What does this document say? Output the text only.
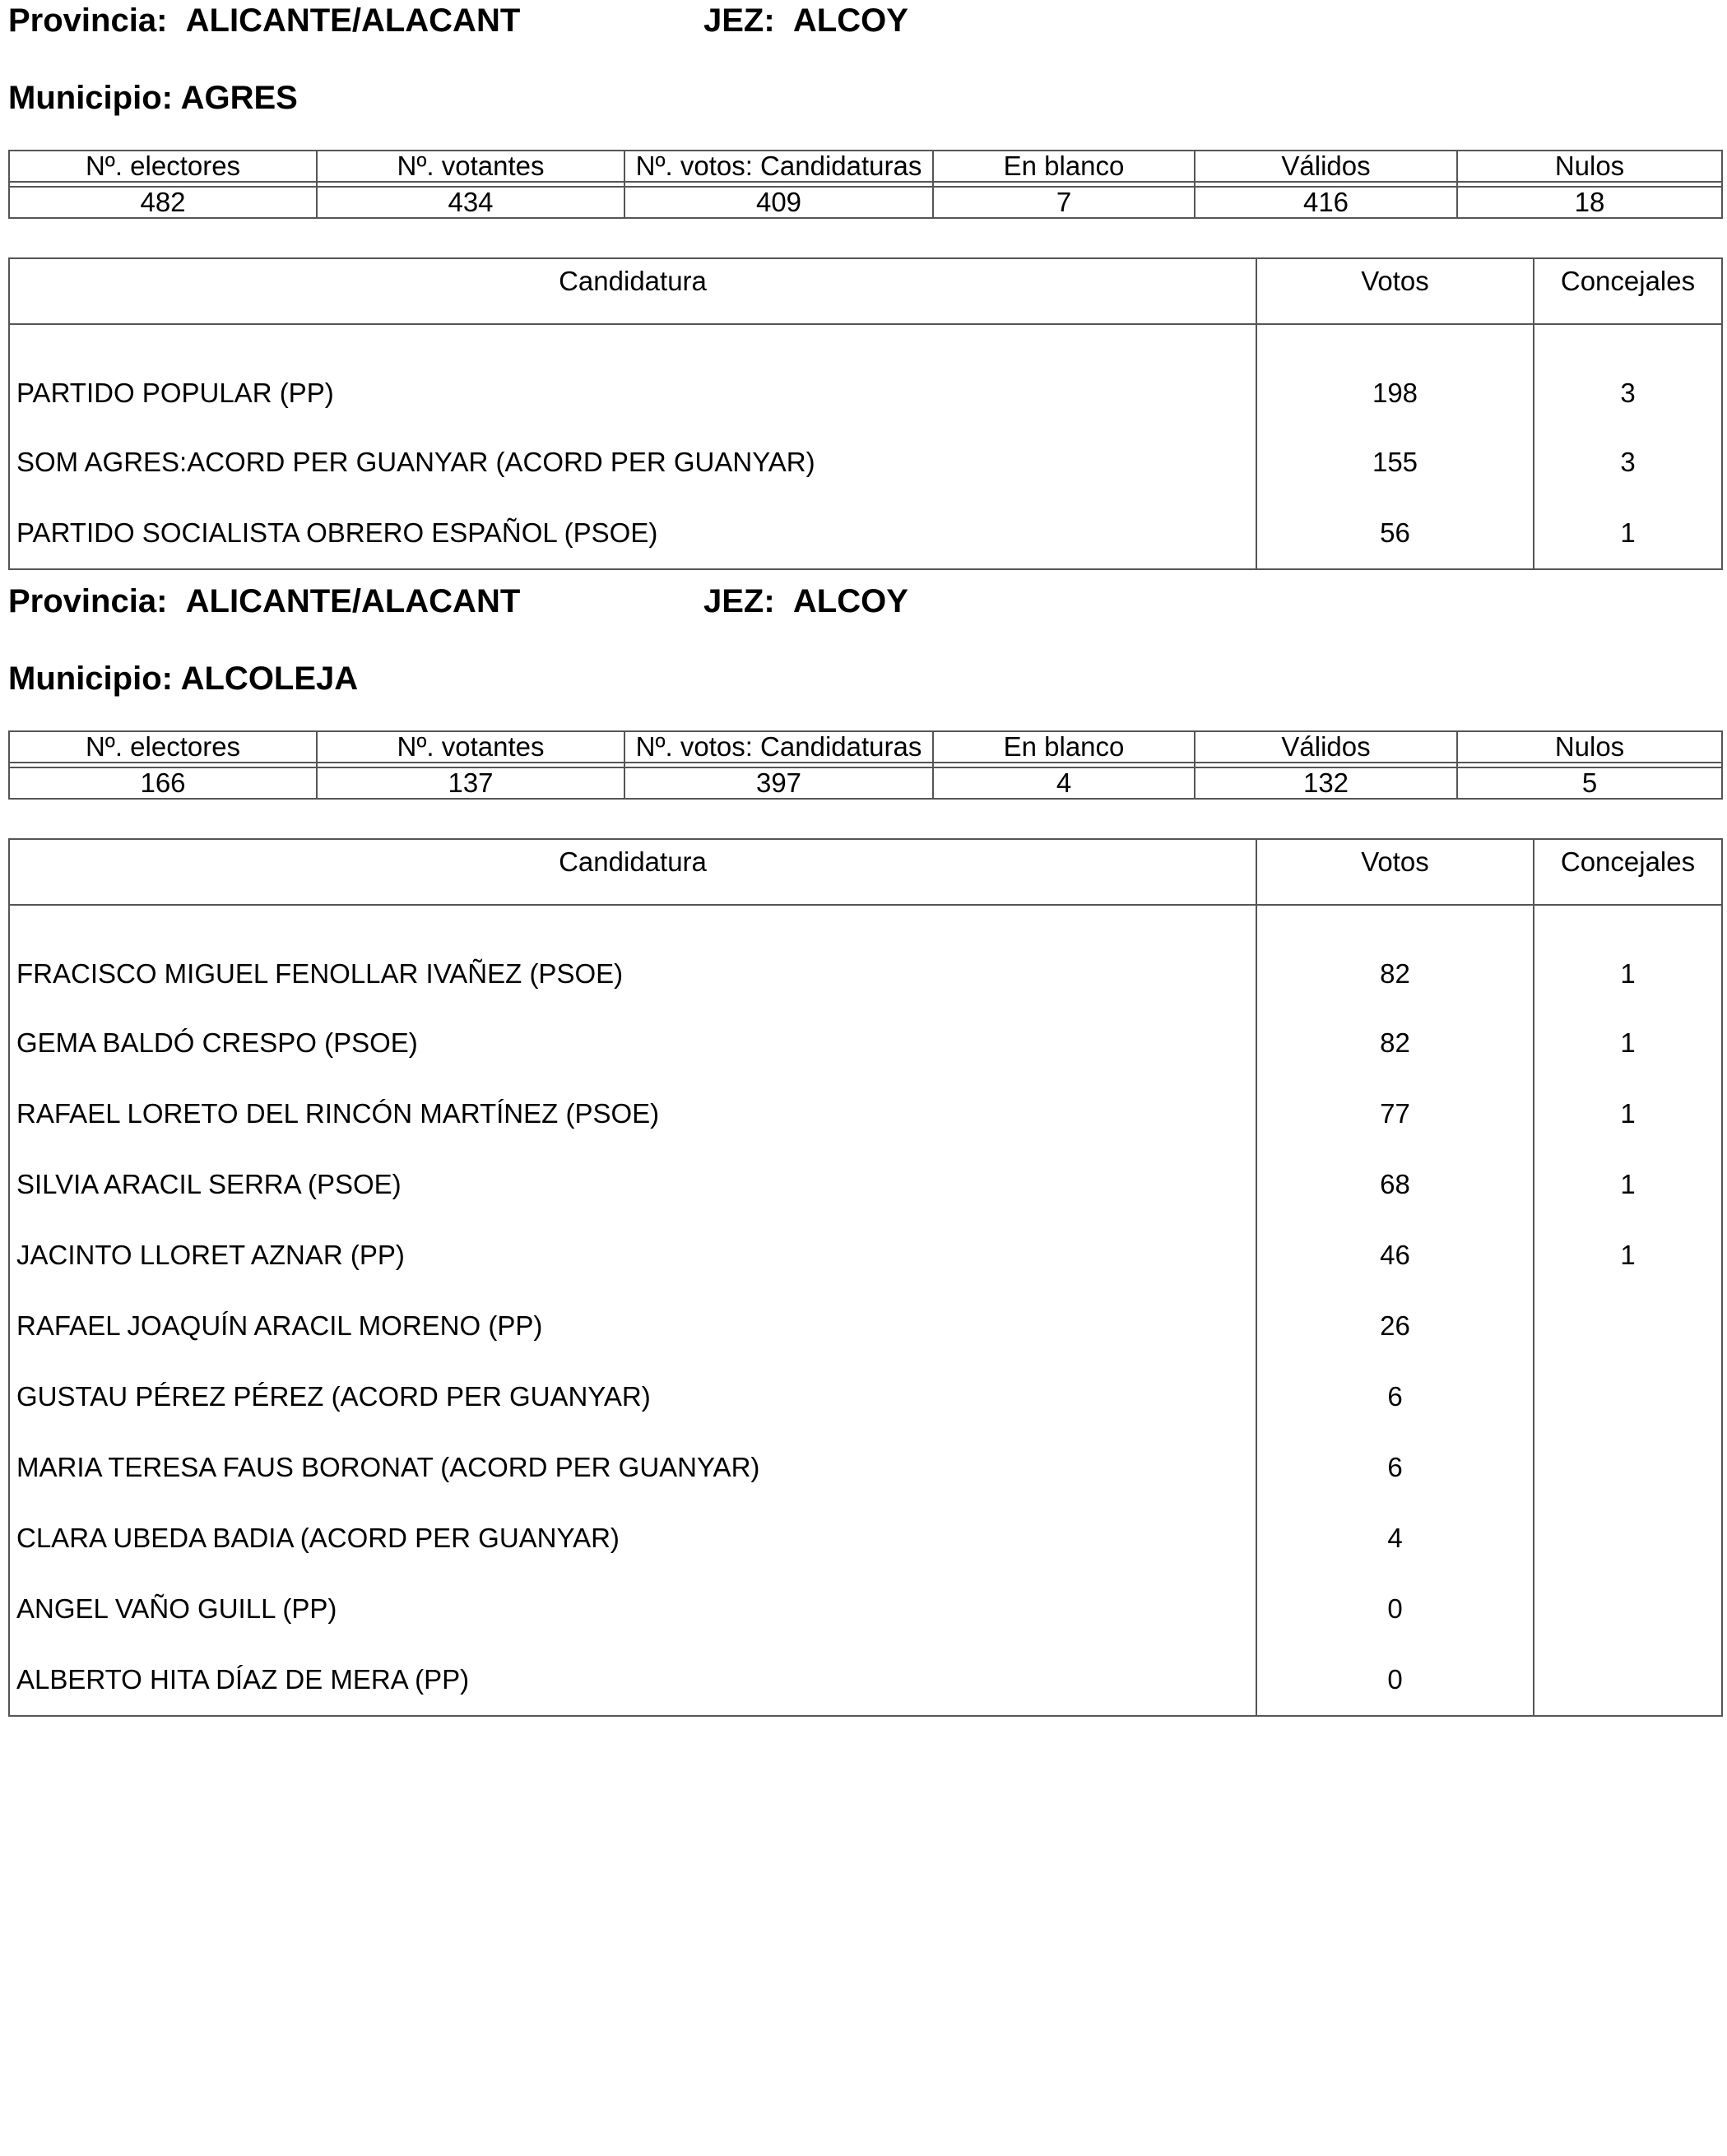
Provincia: ALICANTE/ALACANT	JEZ: ALCOY
Municipio: AGRES
Nº. electores	Nº. votantes	Nº. votos: Candidaturas	En blanco	Válidos	Nulos

482	434	409	7	416	18
Candidatura	Votos	Concejales
PARTIDO POPULAR (PP)	198	3
SOM AGRES:ACORD PER GUANYAR (ACORD PER GUANYAR)	155	3
PARTIDO SOCIALISTA OBRERO ESPAÑOL (PSOE)	56	1
Provincia: ALICANTE/ALACANT	JEZ: ALCOY
Municipio: ALCOLEJA
Nº. electores	Nº. votantes	Nº. votos: Candidaturas	En blanco	Válidos	Nulos

166	137	397	4	132	5
Candidatura	Votos	Concejales
FRACISCO MIGUEL FENOLLAR IVAÑEZ (PSOE)	82	1
GEMA BALDÓ CRESPO (PSOE)	82	1
RAFAEL LORETO DEL RINCÓN MARTÍNEZ (PSOE)	77	1
SILVIA ARACIL SERRA (PSOE)	68	1
JACINTO LLORET AZNAR (PP)	46	1
RAFAEL JOAQUÍN ARACIL MORENO (PP)	26	
GUSTAU PÉREZ PÉREZ (ACORD PER GUANYAR)	6	
MARIA TERESA FAUS BORONAT (ACORD PER GUANYAR)	6	
CLARA UBEDA BADIA (ACORD PER GUANYAR)	4	
ANGEL VAÑO GUILL (PP)	0	
ALBERTO HITA DÍAZ DE MERA (PP)	0	
